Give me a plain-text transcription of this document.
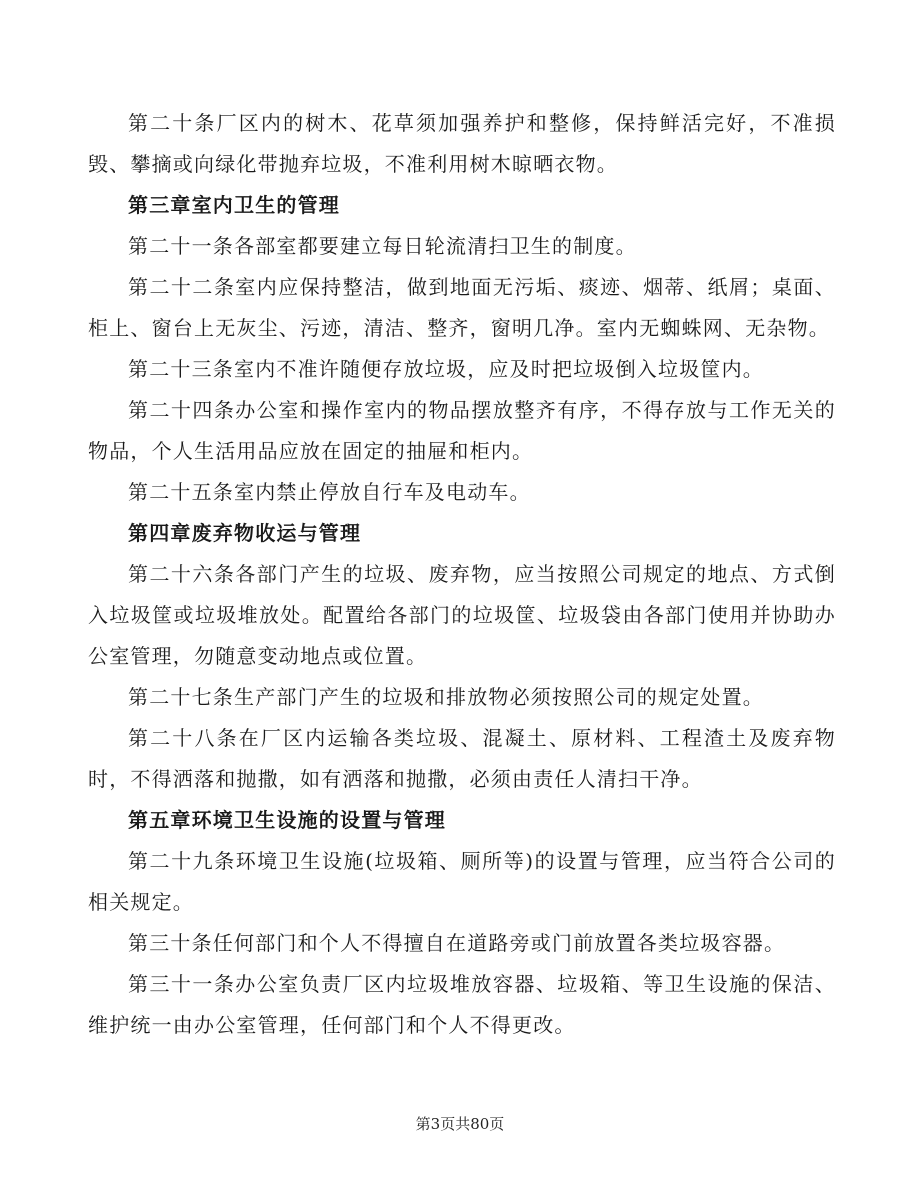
第二十条厂区内的树木、花草须加强养护和整修，保持鲜活完好，不准损毁、攀摘或向绿化带抛弃垃圾，不准利用树木晾晒衣物。

第三章室内卫生的管理

第二十一条各部室都要建立每日轮流清扫卫生的制度。

第二十二条室内应保持整洁，做到地面无污垢、痰迹、烟蒂、纸屑；桌面、柜上、窗台上无灰尘、污迹，清洁、整齐，窗明几净。室内无蜘蛛网、无杂物。

第二十三条室内不准许随便存放垃圾，应及时把垃圾倒入垃圾筐内。

第二十四条办公室和操作室内的物品摆放整齐有序，不得存放与工作无关的物品，个人生活用品应放在固定的抽屉和柜内。

第二十五条室内禁止停放自行车及电动车。

第四章废弃物收运与管理

第二十六条各部门产生的垃圾、废弃物，应当按照公司规定的地点、方式倒入垃圾筐或垃圾堆放处。配置给各部门的垃圾筐、垃圾袋由各部门使用并协助办公室管理，勿随意变动地点或位置。

第二十七条生产部门产生的垃圾和排放物必须按照公司的规定处置。

第二十八条在厂区内运输各类垃圾、混凝土、原材料、工程渣土及废弃物时，不得洒落和抛撒，如有洒落和抛撒，必须由责任人清扫干净。

第五章环境卫生设施的设置与管理

第二十九条环境卫生设施(垃圾箱、厕所等)的设置与管理，应当符合公司的相关规定。

第三十条任何部门和个人不得擅自在道路旁或门前放置各类垃圾容器。

第三十一条办公室负责厂区内垃圾堆放容器、垃圾箱、等卫生设施的保洁、维护统一由办公室管理，任何部门和个人不得更改。

第3页共80页
